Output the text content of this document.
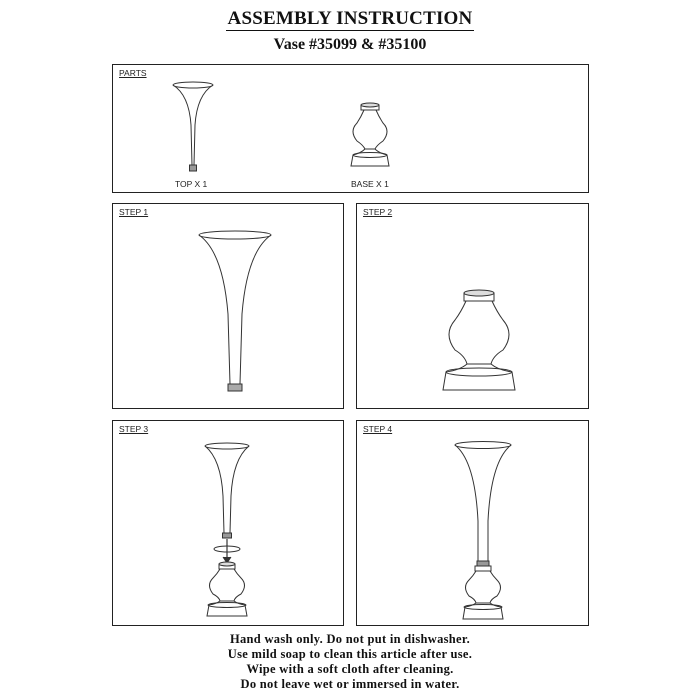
ASSEMBLY INSTRUCTION
Vase #35099 & #35100
PARTS
TOP X 1	BASE X 1
STEP 1	STEP 2
STEP 3	STEP 4
Hand wash only. Do not put in dishwasher.
Use mild soap to clean this article after use.
Wipe with a soft cloth after cleaning.
Do not leave wet or immersed in water.
